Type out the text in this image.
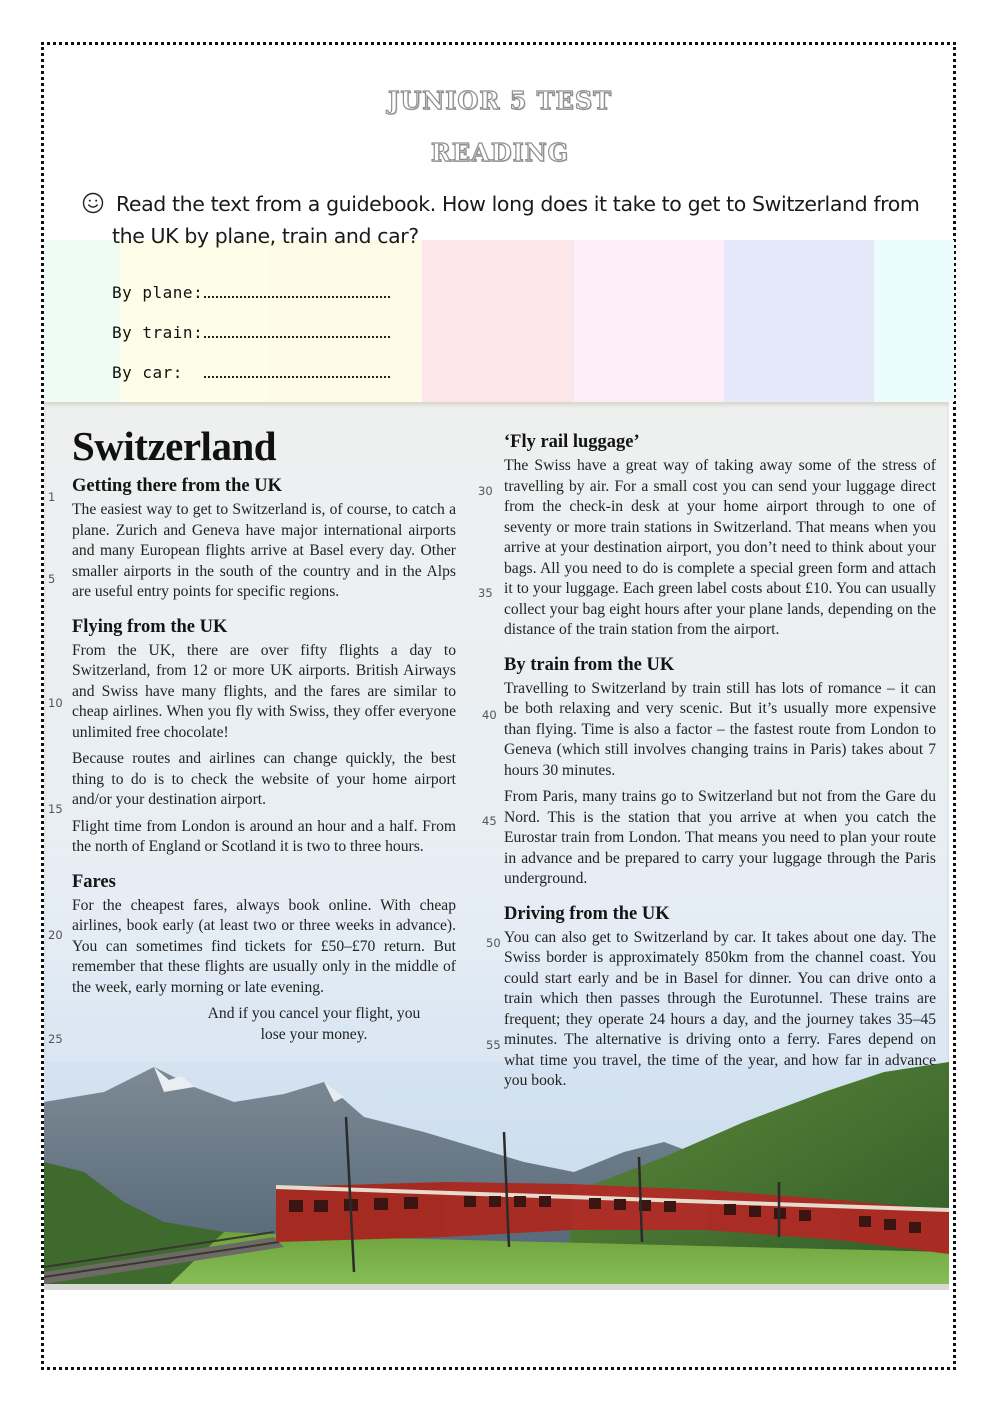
JUNIOR 5 TEST
READING
Read the text from a guidebook. How long does it take to get to Switzerland from
the UK by plane, train and car?
By plane:
By train:
By car:
Switzerland
Getting there from the UK

The easiest way to get to Switzerland is, of course, to catch a plane. Zurich and Geneva have major international airports and many European flights arrive at Basel every day. Other smaller airports in the south of the country and in the Alps are useful entry points for specific regions.

Flying from the UK

From the UK, there are over fifty flights a day to Switzerland, from 12 or more UK airports. British Airways and Swiss have many flights, and the fares are similar to cheap airlines. When you fly with Swiss, they offer everyone unlimited free chocolate!

Because routes and airlines can change quickly, the best thing to do is to check the website of your home airport and/or your destination airport.

Flight time from London is around an hour and a half. From the north of England or Scotland it is two to three hours.

Fares

For the cheapest fares, always book online. With cheap airlines, book early (at least two or three weeks in advance). You can sometimes find tickets for £50–£70 return. But remember that these flights are usually only in the middle of the week, early morning or late evening.

And if you cancel your flight, you lose your money.

‘Fly rail luggage’

The Swiss have a great way of taking away some of the stress of travelling by air. For a small cost you can send your luggage direct from the check-in desk at your home airport through to one of seventy or more train stations in Switzerland. That means when you arrive at your destination airport, you don’t need to think about your bags. All you need to do is complete a special green form and attach it to your luggage. Each green label costs about £10. You can usually collect your bag eight hours after your plane lands, depending on the distance of the train station from the airport.

By train from the UK

Travelling to Switzerland by train still has lots of romance – it can be both relaxing and very scenic. But it’s usually more expensive than flying. Time is also a factor – the fastest route from London to Geneva (which still involves changing trains in Paris) takes about 7 hours 30 minutes.

From Paris, many trains go to Switzerland but not from the Gare du Nord. This is the station that you arrive at when you catch the Eurostar train from London. That means you need to plan your route in advance and be prepared to carry your luggage through the Paris underground.

Driving from the UK

You can also get to Switzerland by car. It takes about one day. The Swiss border is approximately 850km from the channel coast. You could start early and be in Basel for dinner. You can drive onto a train which then passes through the Eurotunnel. These trains are frequent; they operate 24 hours a day, and the journey takes 35–45 minutes. The alternative is driving onto a ferry. Fares depend on what time you travel, the time of the year, and how far in advance you book.

1
5
10
15
20
25
30
35
40
45
50
55
